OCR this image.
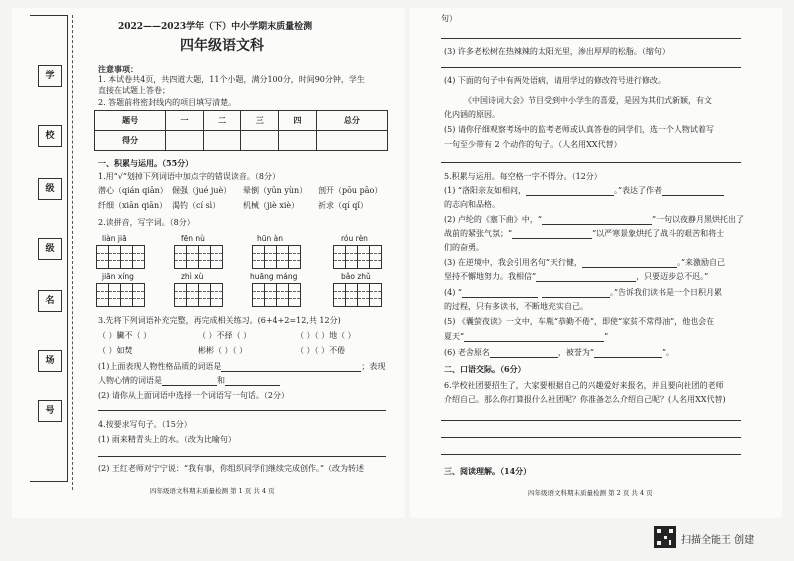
学
校
级
级
名
场
号
2022——2023学年（下）中小学期末质量检测
四年级语文科
注意事项：
1. 本试卷共4页，共四道大题，11个小题，满分100分，时间90分钟，学生
直接在试题上答卷；
2. 答题前将密封线内的项目填写清楚。
题号	一	二	三	四	总分
得分					
一、积累与运用。（55分）
1.用“√”划掉下列词语中加点字的错误读音。（8分）
潜心（qián qiān） 倔强（jué juè） 晕倒（yūn yùn） 剖开（pōu pāo）
纤细（xiān qiān） 渴钓（cí sì）	机械（jiè xiè） 祈求（qí qǐ）
2.读拼音，写字词。（8分）
liàn jiā	fēn nù	hūn àn	róu rèn
jiān xíng	zhì xù	huāng máng	bǎo zhǔ
3.先将下列词语补充完整，再完成相关练习。(6+4+2=12,共 12分)
（ ）臟不（ ）	（ ）不择（ ）	（ ）（ ）地（ ）
（ ）如焚	彬彬（ ）（ ）	（ ）（ ）不倦
(1)上面表现人物性格品质的词语是	；表现
人物心情的词语是	和
(2) 请你从上面词语中选择一个词语写一句话。（2分）
4.按要求写句子。（15分）
(1) 雨来精青头上的水。（改为比喻句）
(2) 王红老师对宁宁说：“我有事，你组织同学们继续完成创作。”（改为转述
四年级语文科期末质量检测 第 1 页 共 4 页
句）
(3) 许多老松树在热辣辣的太阳光里，渗出厚厚的松脂。（缩句）
(4) 下面的句子中有两处语病，请用学过的修改符号进行修改。
《中国诗词大会》节目受到中小学生的喜爱，是因为其们式新颖，有文
化内涵的原因。
(5) 请你仔细观察考场中的监考老师或认真答卷的同学们，选一个人物试着写
一句至少带有 2 个动作的句子。（人名用XX代替）
5.积累与运用。每空格一字不得分。（12分）
(1) “洛阳亲友如相问，	。”表达了作者
的志向和品格。
(2) 卢纶的《塞下曲》中，“	”一句以夜静月黑烘托出了
战前的紧张气氛；“	”以严寒景象烘托了战斗的艰苦和将士
们的奋勇。
(3) 在逆境中，我会引用名句“天行健，	。”来激励自己
坚持不懈地努力。我相信“	，只要迈步总不迟。”
(4) “	。”告诉我们读书是一个日积月累
的过程，只有多读书，不断地充实自己。
(5) 《囊萤夜读》一文中，车胤“恭勤不倦”，即使“家贫不常得油”，他也会在
夏天“	”
(6) 老舍原名	，被誉为“	”。
二、口语交际。（6分）
6.学校社团要招生了，大家要根据自己的兴趣爱好来报名，并且要向社团的老师
介绍自己。那么你打算报什么社团呢？你准备怎么介绍自己呢？(人名用XX代替)
三、阅读理解。（14分）
四年级语文科期末质量检测 第 2 页 共 4 页
扫描全能王 创建
